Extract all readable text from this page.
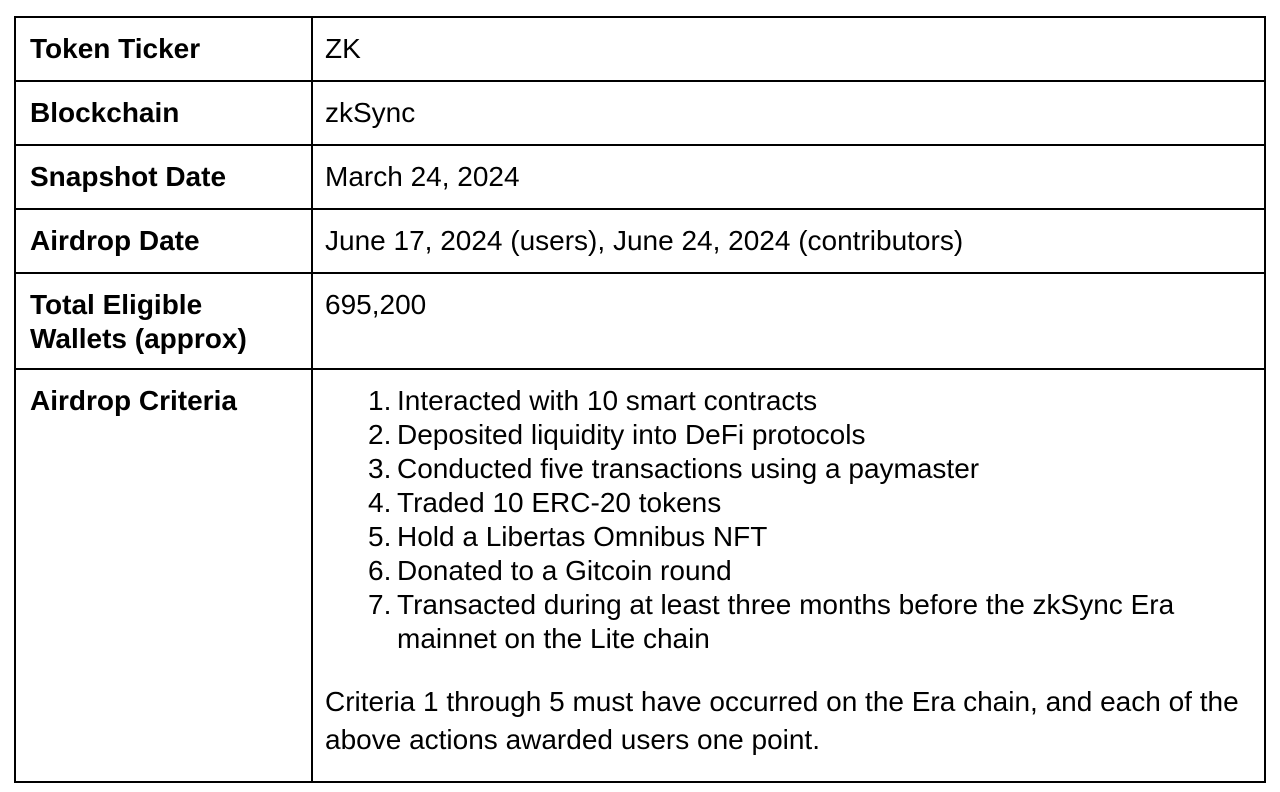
Token Ticker	ZK
Blockchain	zkSync
Snapshot Date	March 24, 2024
Airdrop Date	June 17, 2024 (users), June 24, 2024 (contributors)
Total Eligible Wallets (approx)	695,200
Airdrop Criteria	Interacted with 10 smart contracts
Deposited liquidity into DeFi protocols
Conducted five transactions using a paymaster
Traded 10 ERC-20 tokens
Hold a Libertas Omnibus NFT
Donated to a Gitcoin round
Transacted during at least three months before the zkSync Era mainnet on the Lite chain

Criteria 1 through 5 must have occurred on the Era chain, and each of the above actions awarded users one point.
